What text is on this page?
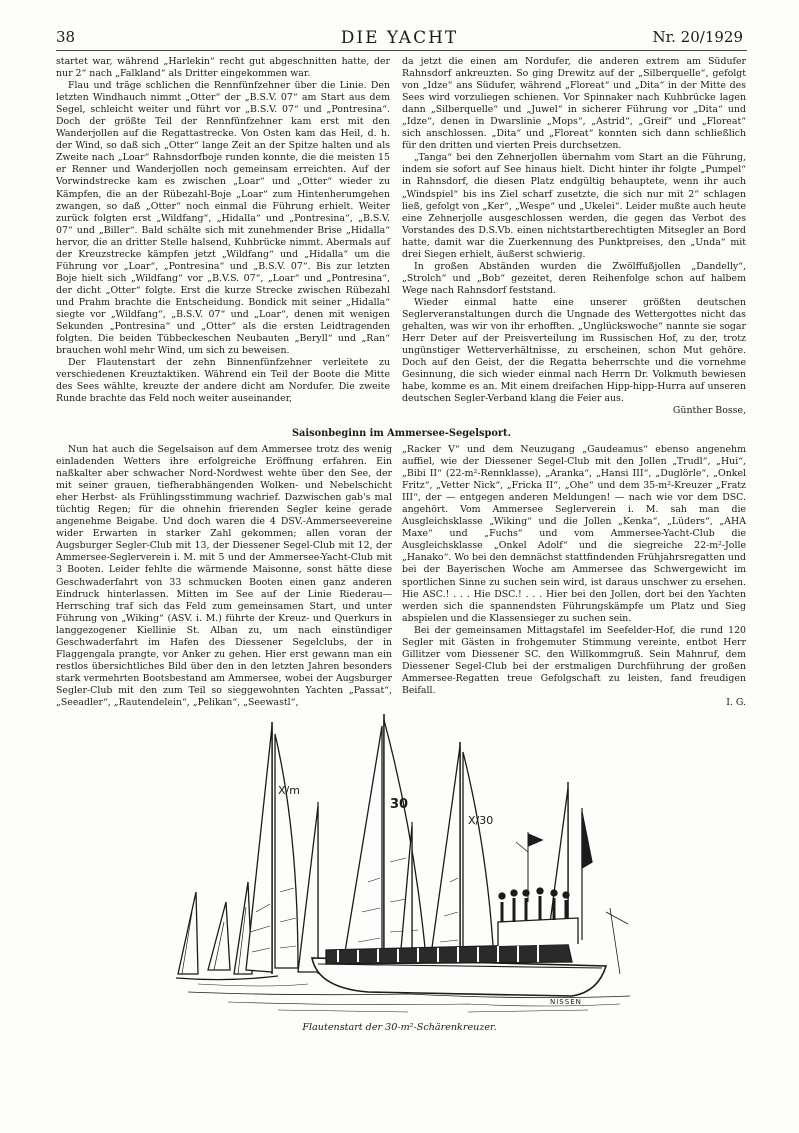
38	DIE YACHT	Nr. 20/1929

startet war, während „Harlekin“ recht gut abgeschnitten hatte, der nur 2“ nach „Falkland“ als Dritter eingekommen war.

Flau und träge schlichen die Rennfünfzehner über die Linie. Den letzten Windhauch nimmt „Otter“ der „B.S.V. 07“ am Start aus dem Segel, schleicht weiter und führt vor „B.S.V. 07“ und „Pontresina“. Doch der größte Teil der Rennfünfzehner kam erst mit den Wanderjollen auf die Regattastrecke. Von Osten kam das Heil, d. h. der Wind, so daß sich „Otter“ lange Zeit an der Spitze halten und als Zweite nach „Loar“ Rahnsdorfboje runden konnte, die die meisten 15 er Renner und Wanderjollen noch gemeinsam erreichten. Auf der Vorwindstrecke kam es zwischen „Loar“ und „Otter“ wieder zu Kämpfen, die an der Rübezahl-Boje „Loar“ zum Hintenherumgehen zwangen, so daß „Otter“ noch einmal die Führung erhielt. Weiter zurück folgten erst „Wildfang“, „Hidalla“ und „Pontresina“, „B.S.V. 07“ und „Biller“. Bald schälte sich mit zunehmender Brise „Hidalla“ hervor, die an dritter Stelle halsend, Kuhbrücke nimmt. Abermals auf der Kreuzstrecke kämpfen jetzt „Wildfang“ und „Hidalla“ um die Führung vor „Loar“, „Pontresina“ und „B.S.V. 07“. Bis zur letzten Boje hielt sich „Wildfang“ vor „B.V.S. 07“, „Loar“ und „Pontresina“, der dicht „Otter“ folgte. Erst die kurze Strecke zwischen Rübezahl und Prahm brachte die Entscheidung. Bondick mit seiner „Hidalla“ siegte vor „Wildfang“, „B.S.V. 07“ und „Loar“, denen mit wenigen Sekunden „Pontresina“ und „Otter“ als die ersten Leidtragenden folgten. Die beiden Tübbeckeschen Neubauten „Beryll“ und „Ran“ brauchen wohl mehr Wind, um sich zu beweisen.

Der Flautenstart der zehn Binnenfünfzehner verleitete zu verschiedenen Kreuztaktiken. Während ein Teil der Boote die Mitte des Sees wählte, kreuzte der andere dicht am Nordufer. Die zweite Runde brachte das Feld noch weiter auseinander,

da jetzt die einen am Nordufer, die anderen extrem am Südufer Rahnsdorf ankreuzten. So ging Drewitz auf der „Silberquelle“, gefolgt von „Idze“ ans Südufer, während „Floreat“ und „Dita“ in der Mitte des Sees wird vorzuliegen schienen. Vor Spinnaker nach Kuhbrücke lagen dann „Silberquelle“ und „Juwel“ in sicherer Führung vor „Dita“ und „Idze“, denen in Dwarslinie „Mops“, „Astrid“, „Greif“ und „Floreat“ sich anschlossen. „Dita“ und „Floreat“ konnten sich dann schließlich für den dritten und vierten Preis durchsetzen.

„Tanga“ bei den Zehnerjollen übernahm vom Start an die Führung, indem sie sofort auf See hinaus hielt. Dicht hinter ihr folgte „Pumpel“ in Rahnsdorf, die diesen Platz endgültig behauptete, wenn ihr auch „Windspiel“ bis ins Ziel scharf zusetzte, die sich nur mit 2“ schlagen ließ, gefolgt von „Ker“, „Wespe“ und „Ukelei“. Leider mußte auch heute eine Zehnerjolle ausgeschlossen werden, die gegen das Verbot des Vorstandes des D.S.Vb. einen nichtstartberechtigten Mitsegler an Bord hatte, damit war die Zuerkennung des Punktpreises, den „Unda“ mit drei Siegen erhielt, äußerst schwierig.

In großen Abständen wurden die Zwölffußjollen „Dandelly“, „Strolch“ und „Bob“ gezeitet, deren Reihenfolge schon auf halbem Wege nach Rahnsdorf feststand.

Wieder einmal hatte eine unserer größten deutschen Seglerveranstaltungen durch die Ungnade des Wettergottes nicht das gehalten, was wir von ihr erhofften. „Unglückswoche“ nannte sie sogar Herr Deter auf der Preisverteilung im Russischen Hof, zu der, trotz ungünstiger Wetterverhältnisse, zu erscheinen, schon Mut gehöre. Doch auf den Geist, der die Regatta beherrschte und die vornehme Gesinnung, die sich wieder einmal nach Herrn Dr. Volkmuth bewiesen habe, komme es an. Mit einem dreifachen Hipp-hipp-Hurra auf unseren deutschen Segler-Verband klang die Feier aus.

Günther Bosse,
Saisonbeginn im Ammersee-Segelsport.

Nun hat auch die Segelsaison auf dem Ammersee trotz des wenig einladenden Wetters ihre erfolgreiche Eröffnung erfahren. Ein naßkalter aber schwacher Nord-Nordwest wehte über den See, der mit seiner grauen, tiefherabhängenden Wolken- und Nebelschicht eher Herbst- als Frühlingsstimmung wachrief. Dazwischen gab's mal tüchtig Regen; für die ohnehin frierenden Segler keine gerade angenehme Beigabe. Und doch waren die 4 DSV.-Ammerseevereine wider Erwarten in starker Zahl gekommen; allen voran der Augsburger Segler-Club mit 13, der Diessener Segel-Club mit 12, der Ammersee-Seglerverein i. M. mit 5 und der Ammersee-Yacht-Club mit 3 Booten. Leider fehlte die wärmende Maisonne, sonst hätte diese Geschwaderfahrt von 33 schmucken Booten einen ganz anderen Eindruck hinterlassen. Mitten im See auf der Linie Riederau—Herrsching traf sich das Feld zum gemeinsamen Start, und unter Führung von „Wiking“ (ASV. i. M.) führte der Kreuz- und Querkurs in langgezogener Kiellinie St. Alban zu, um nach einstündiger Geschwaderfahrt im Hafen des Diessener Segelclubs, der in Flaggengala prangte, vor Anker zu gehen. Hier erst gewann man ein restlos übersichtliches Bild über den in den letzten Jahren besonders stark vermehrten Bootsbestand am Ammersee, wobei der Augsburger Segler-Club mit den zum Teil so sieggewohnten Yachten „Passat“, „Seeadler“, „Rautendelein“, „Pelikan“, „Seewastl“,

„Racker V“ und dem Neuzugang „Gaudeamus“ ebenso angenehm auffiel, wie der Diessener Segel-Club mit den Jollen „Trudl“, „Hui“, „Bibi II“ (22-m²-Rennklasse), „Aranka“, „Hansi III“, „Duglörle“, „Onkel Fritz“, „Vetter Nick“, „Fricka II“, „Ohe“ und dem 35-m²-Kreuzer „Fratz III“, der — entgegen anderen Meldungen! — nach wie vor dem DSC. angehört. Vom Ammersee Seglerverein i. M. sah man die Ausgleichsklasse „Wiking“ und die Jollen „Kenka“, „Lüders“, „AHA Maxe“ und „Fuchs“ und vom Ammersee-Yacht-Club die Ausgleichsklasse „Onkel Adolf“ und die siegreiche 22-m²-Jolle „Hanako“. Wo bei den demnächst stattfindenden Frühjahrsregatten und bei der Bayerischen Woche am Ammersee das Schwergewicht im sportlichen Sinne zu suchen sein wird, ist daraus unschwer zu ersehen. Hie ASC.! . . . Hie DSC.! . . . Hier bei den Jollen, dort bei den Yachten werden sich die spannendsten Führungskämpfe um Platz und Sieg abspielen und die Klassensieger zu suchen sein.

Bei der gemeinsamen Mittagstafel im Seefelder-Hof, die rund 120 Segler mit Gästen in frohgemuter Stimmung vereinte, entbot Herr Gillitzer vom Diessener SC. den Willkommgruß. Sein Mahnruf, dem Diessener Segel-Club bei der erstmaligen Durchführung der großen Ammersee-Regatten treue Gefolgschaft zu leisten, fand freudigen Beifall.

I. G.
X/m
30
X/30
NISSEN
Flautenstart der 30-m²-Schärenkreuzer.
